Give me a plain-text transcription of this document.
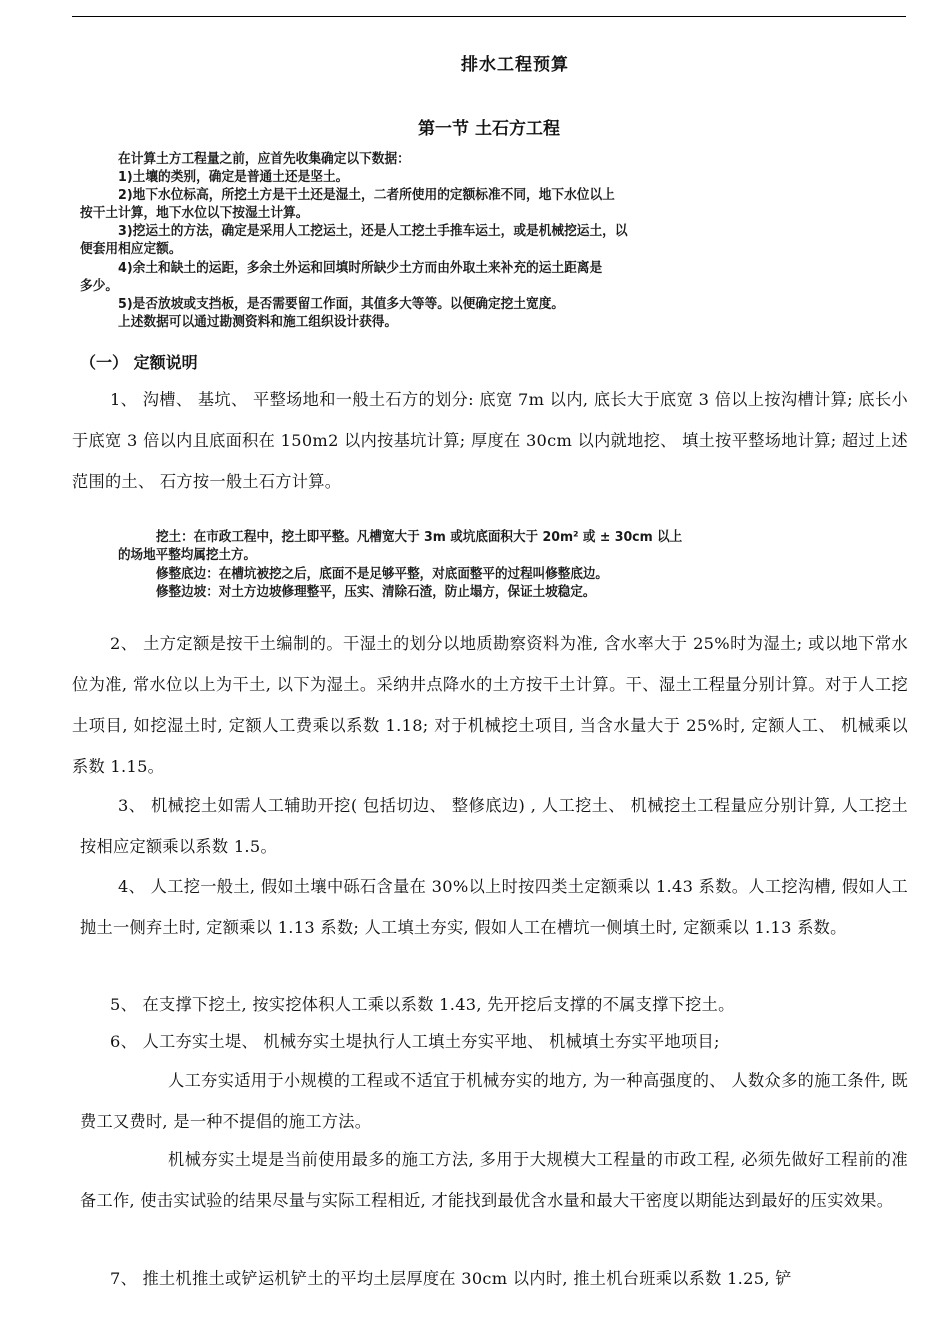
排水工程预算
第一节 土石方工程
在计算土方工程量之前，应首先收集确定以下数据：
1)土壤的类别，确定是普通土还是坚土。
2)地下水位标高，所挖土方是干土还是湿土，二者所使用的定额标准不同，地下水位以上
按干土计算，地下水位以下按湿土计算。
3)挖运土的方法，确定是采用人工挖运土，还是人工挖土手推车运土，或是机械挖运土，以
便套用相应定额。
4)余土和缺土的运距，多余土外运和回填时所缺少土方而由外取土来补充的运土距离是
多少。
5)是否放坡或支挡板，是否需要留工作面，其值多大等等。以便确定挖土宽度。
上述数据可以通过勘测资料和施工组织设计获得。
（一） 定额说明
1、 沟槽、 基坑、 平整场地和一般土石方的划分: 底宽 7m 以内, 底长大于底宽 3 倍以上按沟槽计算; 底长小于底宽 3 倍以内且底面积在 150m2 以内按基坑计算; 厚度在 30cm 以内就地挖、 填土按平整场地计算; 超过上述范围的土、 石方按一般土石方计算。
挖土：在市政工程中，挖土即平整。凡槽宽大于 3m 或坑底面积大于 20m² 或 ± 30cm 以上
的场地平整均属挖土方。
修整底边：在槽坑被挖之后，底面不是足够平整，对底面整平的过程叫修整底边。
修整边坡：对土方边坡修理整平，压实、清除石渣，防止塌方，保证土坡稳定。
2、 土方定额是按干土编制的。干湿土的划分以地质勘察资料为准, 含水率大于 25%时为湿土; 或以地下常水位为准, 常水位以上为干土, 以下为湿土。采纳井点降水的土方按干土计算。干、湿土工程量分别计算。对于人工挖土项目, 如挖湿土时, 定额人工费乘以系数 1.18; 对于机械挖土项目, 当含水量大于 25%时, 定额人工、 机械乘以系数 1.15。
3、 机械挖土如需人工辅助开挖( 包括切边、 整修底边) , 人工挖土、 机械挖土工程量应分别计算, 人工挖土按相应定额乘以系数 1.5。
4、 人工挖一般土, 假如土壤中砾石含量在 30%以上时按四类土定额乘以 1.43 系数。人工挖沟槽, 假如人工抛土一侧弃土时, 定额乘以 1.13 系数; 人工填土夯实, 假如人工在槽坑一侧填土时, 定额乘以 1.13 系数。
5、 在支撑下挖土, 按实挖体积人工乘以系数 1.43, 先开挖后支撑的不属支撑下挖土。
6、 人工夯实土堤、 机械夯实土堤执行人工填土夯实平地、 机械填土夯实平地项目;
人工夯实适用于小规模的工程或不适宜于机械夯实的地方, 为一种高强度的、 人数众多的施工条件, 既费工又费时, 是一种不提倡的施工方法。
机械夯实土堤是当前使用最多的施工方法, 多用于大规模大工程量的市政工程, 必须先做好工程前的准备工作, 使击实试验的结果尽量与实际工程相近, 才能找到最优含水量和最大干密度以期能达到最好的压实效果。
7、 推土机推土或铲运机铲土的平均土层厚度在 30cm 以内时, 推土机台班乘以系数 1.25, 铲
